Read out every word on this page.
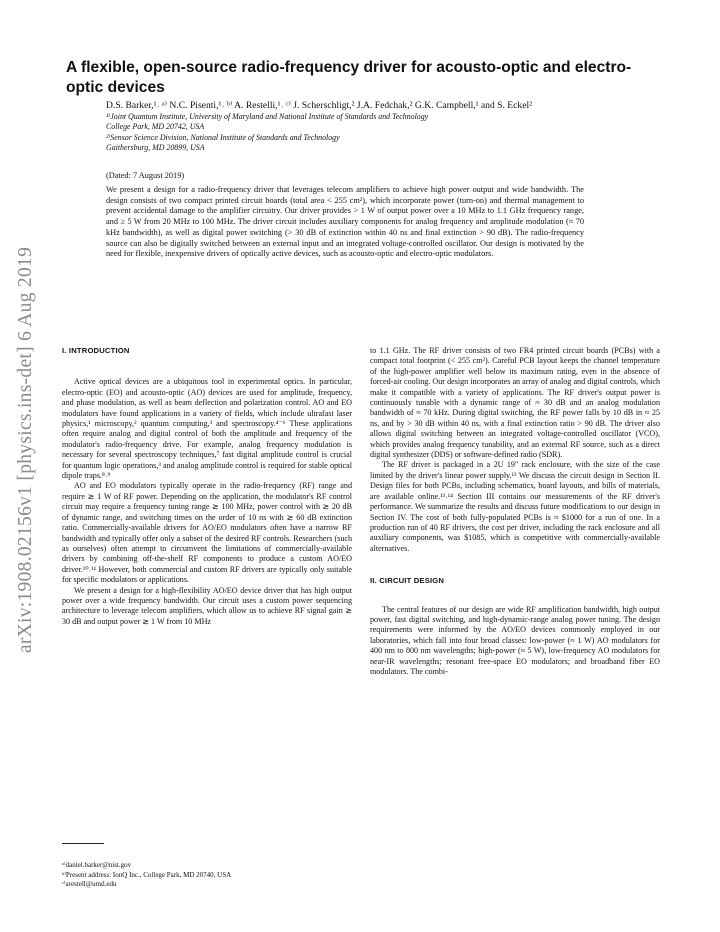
arXiv:1908.02156v1 [physics.ins-det] 6 Aug 2019
A flexible, open-source radio-frequency driver for acousto-optic and electro-optic devices
D.S. Barker,¹˒ ᵃ⁾ N.C. Pisenti,¹˒ ᵇ⁾ A. Restelli,¹˒ ᶜ⁾ J. Scherschligt,² J.A. Fedchak,² G.K. Campbell,¹ and S. Eckel²
¹⁾Joint Quantum Institute, University of Maryland and National Institute of Standards and Technology
College Park, MD 20742, USA
²⁾Sensor Science Division, National Institute of Standards and Technology
Gaithersburg, MD 20899, USA
(Dated: 7 August 2019)

We present a design for a radio-frequency driver that leverages telecom amplifiers to achieve high power output and wide bandwidth. The design consists of two compact printed circuit boards (total area < 255 cm²), which incorporate power (turn-on) and thermal management to prevent accidental damage to the amplifier circuitry. Our driver provides > 1 W of output power over a 10 MHz to 1.1 GHz frequency range, and ≥ 5 W from 20 MHz to 100 MHz. The driver circuit includes auxiliary components for analog frequency and amplitude modulation (≈ 70 kHz bandwidth), as well as digital power switching (> 30 dB of extinction within 40 ns and final extinction > 90 dB). The radio-frequency source can also be digitally switched between an external input and an integrated voltage-controlled oscillator. Our design is motivated by the need for flexible, inexpensive drivers of optically active devices, such as acousto-optic and electro-optic modulators.

I. INTRODUCTION

Active optical devices are a ubiquitous tool in experimental optics. In particular, electro-optic (EO) and acousto-optic (AO) devices are used for amplitude, frequency, and phase modulation, as well as beam deflection and polarization control. AO and EO modulators have found applications in a variety of fields, which include ultrafast laser physics,¹ microscopy,² quantum computing,³ and spectroscopy.⁴⁻⁶ These applications often require analog and digital control of both the amplitude and frequency of the modulator's radio-frequency drive. For example, analog frequency modulation is necessary for several spectroscopy techniques,⁷ fast digital amplitude control is crucial for quantum logic operations,³ and analog amplitude control is required for stable optical dipole traps.⁸˒⁹

AO and EO modulators typically operate in the radio-frequency (RF) range and require ≳ 1 W of RF power. Depending on the application, the modulator's RF control circuit may require a frequency tuning range ≳ 100 MHz, power control with ≳ 20 dB of dynamic range, and switching times on the order of 10 ns with ≳ 60 dB extinction ratio. Commercially-available drivers for AO/EO modulators often have a narrow RF bandwidth and typically offer only a subset of the desired RF controls. Researchers (such as ourselves) often attempt to circumvent the limitations of commercially-available drivers by combining off-the-shelf RF components to produce a custom AO/EO driver.¹⁰˒¹¹ However, both commercial and custom RF drivers are typically only suitable for specific modulators or applications.

We present a design for a high-flexibility AO/EO device driver that has high output power over a wide frequency bandwidth. Our circuit uses a custom power sequencing architecture to leverage telecom amplifiers, which allow us to achieve RF signal gain ≳ 30 dB and output power ≳ 1 W from 10 MHz

to 1.1 GHz. The RF driver consists of two FR4 printed circuit boards (PCBs) with a compact total footprint (< 255 cm²). Careful PCB layout keeps the channel temperature of the high-power amplifier well below its maximum rating, even in the absence of forced-air cooling. Our design incorporates an array of analog and digital controls, which make it compatible with a variety of applications. The RF driver's output power is continuously tunable with a dynamic range of ≈ 30 dB and an analog modulation bandwidth of ≈ 70 kHz. During digital switching, the RF power falls by 10 dB in ≈ 25 ns, and by > 30 dB within 40 ns, with a final extinction ratio > 90 dB. The driver also allows digital switching between an integrated voltage-controlled oscillator (VCO), which provides analog frequency tunability, and an external RF source, such as a direct digital synthesizer (DDS) or software-defined radio (SDR).

The RF driver is packaged in a 2U 19" rack enclosure, with the size of the case limited by the driver's linear power supply.¹² We discuss the circuit design in Section II. Design files for both PCBs, including schematics, board layouts, and bills of materials, are available online.¹³˒¹⁴ Section III contains our measurements of the RF driver's performance. We summarize the results and discuss future modifications to our design in Section IV. The cost of both fully-populated PCBs is ≈ $1000 for a run of one. In a production run of 40 RF drivers, the cost per driver, including the rack enclosure and all auxiliary components, was $1085, which is competitive with commercially-available alternatives.

II. CIRCUIT DESIGN

The central features of our design are wide RF amplification bandwidth, high output power, fast digital switching, and high-dynamic-range analog power tuning. The design requirements were informed by the AO/EO devices commonly employed in our laboratories, which fall into four broad classes: low-power (≈ 1 W) AO modulators for 400 nm to 800 nm wavelengths; high-power (≈ 5 W), low-frequency AO modulators for near-IR wavelengths; resonant free-space EO modulators; and broadband fiber EO modulators. The combi-

ᵃ⁾daniel.barker@nist.gov
ᵇ⁾Present address: IonQ Inc., College Park, MD 20740, USA
ᶜ⁾arestell@umd.edu
